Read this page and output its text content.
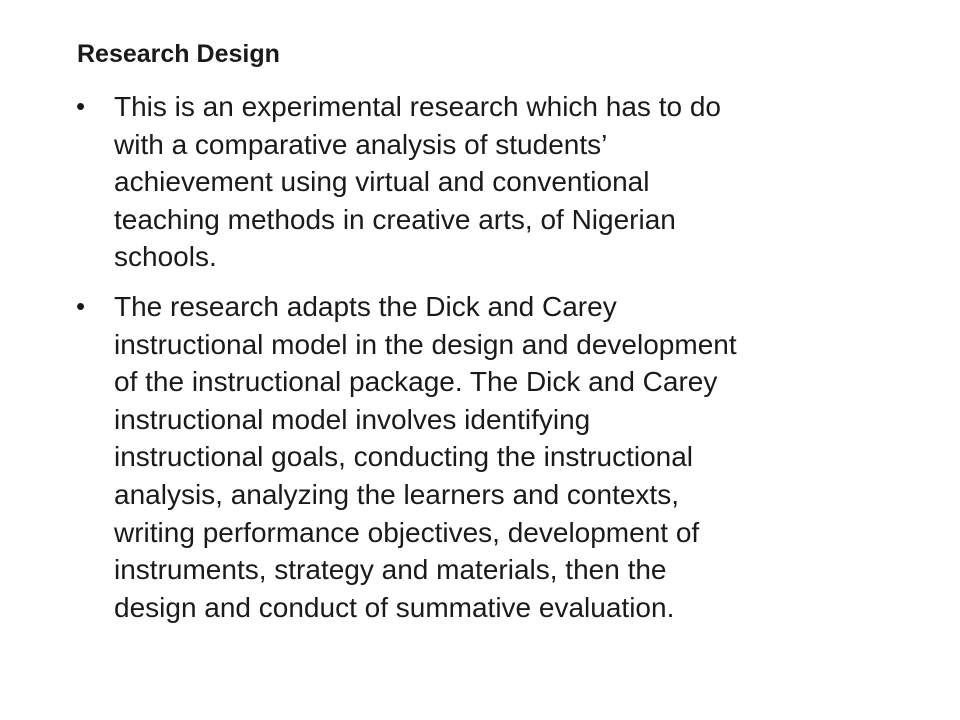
Research Design
• This is an experimental research which has to do
with a comparative analysis of students’
achievement using virtual and conventional
teaching methods in creative arts, of Nigerian
schools.
• The research adapts the Dick and Carey
instructional model in the design and development
of the instructional package. The Dick and Carey
instructional model involves identifying
instructional goals, conducting the instructional
analysis, analyzing the learners and contexts,
writing performance objectives, development of
instruments, strategy and materials, then the
design and conduct of summative evaluation.
